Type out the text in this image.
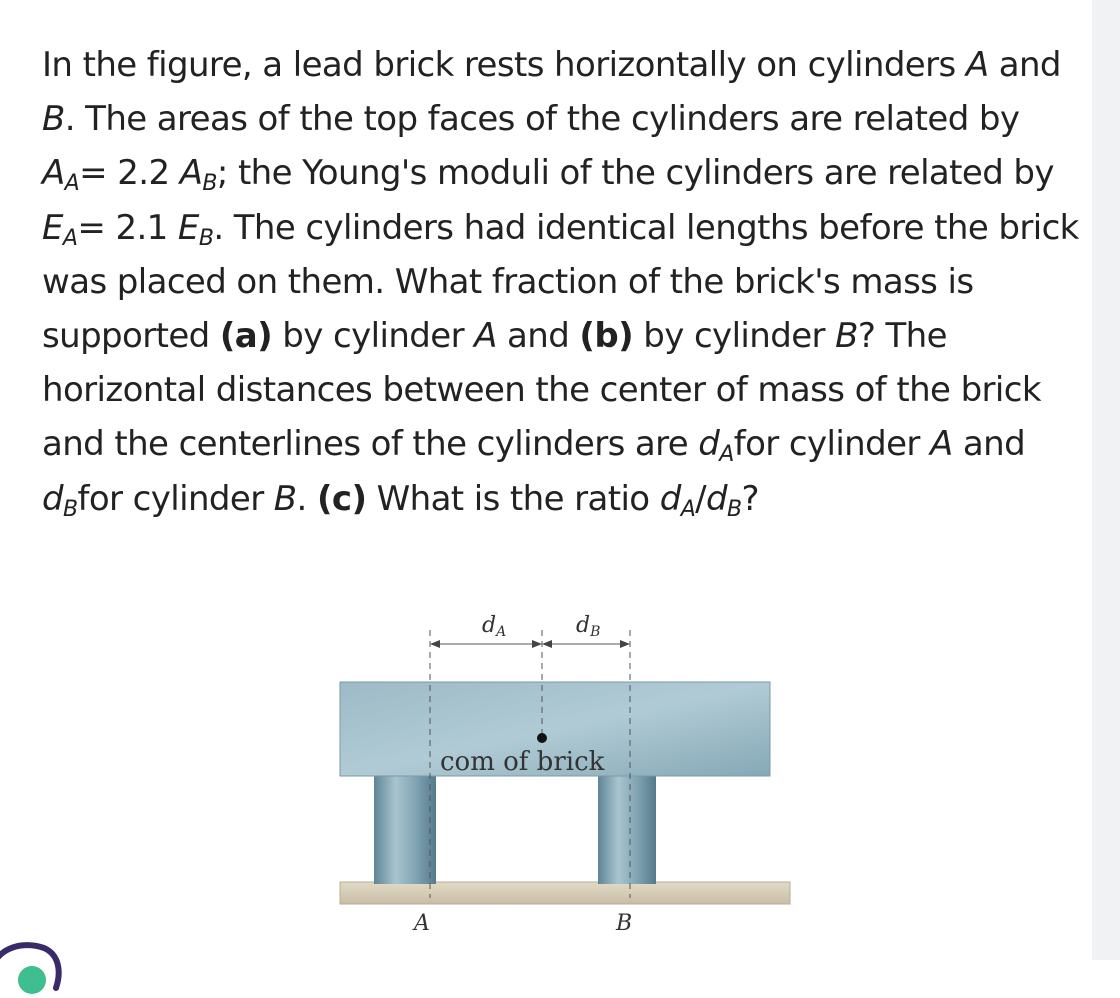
In the figure, a lead brick rests horizontally on cylinders A and B. The areas of the top faces of the cylinders are related by $A_A= 2.2$ $A_B$; the Young's moduli of the cylinders are related by $E_A= 2.1$ $E_B$. The cylinders had identical lengths before the brick was placed on them. What fraction of the brick's mass is supported (a) by cylinder A and (b) by cylinder B? The horizontal distances between the center of mass of the brick and the centerlines of the cylinders are $d_Afor$ cylinder A and $d_Bfor$ cylinder B. (c) What is the ratio $d_A/d_B$?

dA	dB
com of brick
A	B
